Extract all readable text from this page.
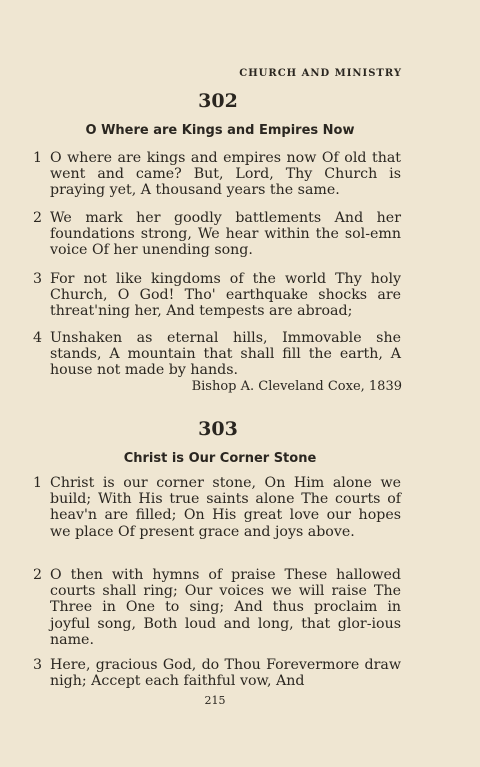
CHURCH AND MINISTRY
302
O Where are Kings and Empires Now
1 O where are kings and empires now Of old that went and came? But, Lord, Thy Church is praying yet, A thousand years the same.
2 We mark her goodly battlements And her foundations strong, We hear within the sol-emn voice Of her unending song.
3 For not like kingdoms of the world Thy holy Church, O God! Tho' earthquake shocks are threat'ning her, And tempests are abroad;
4 Unshaken as eternal hills, Immovable she stands, A mountain that shall fill the earth, A house not made by hands.
Bishop A. Cleveland Coxe, 1839
303
Christ is Our Corner Stone
1 Christ is our corner stone, On Him alone we build; With His true saints alone The courts of heav'n are filled; On His great love our hopes we place Of present grace and joys above.
2 O then with hymns of praise These hallowed courts shall ring; Our voices we will raise The Three in One to sing; And thus proclaim in joyful song, Both loud and long, that glor-ious name.
3 Here, gracious God, do Thou Forevermore draw nigh; Accept each faithful vow, And
215
